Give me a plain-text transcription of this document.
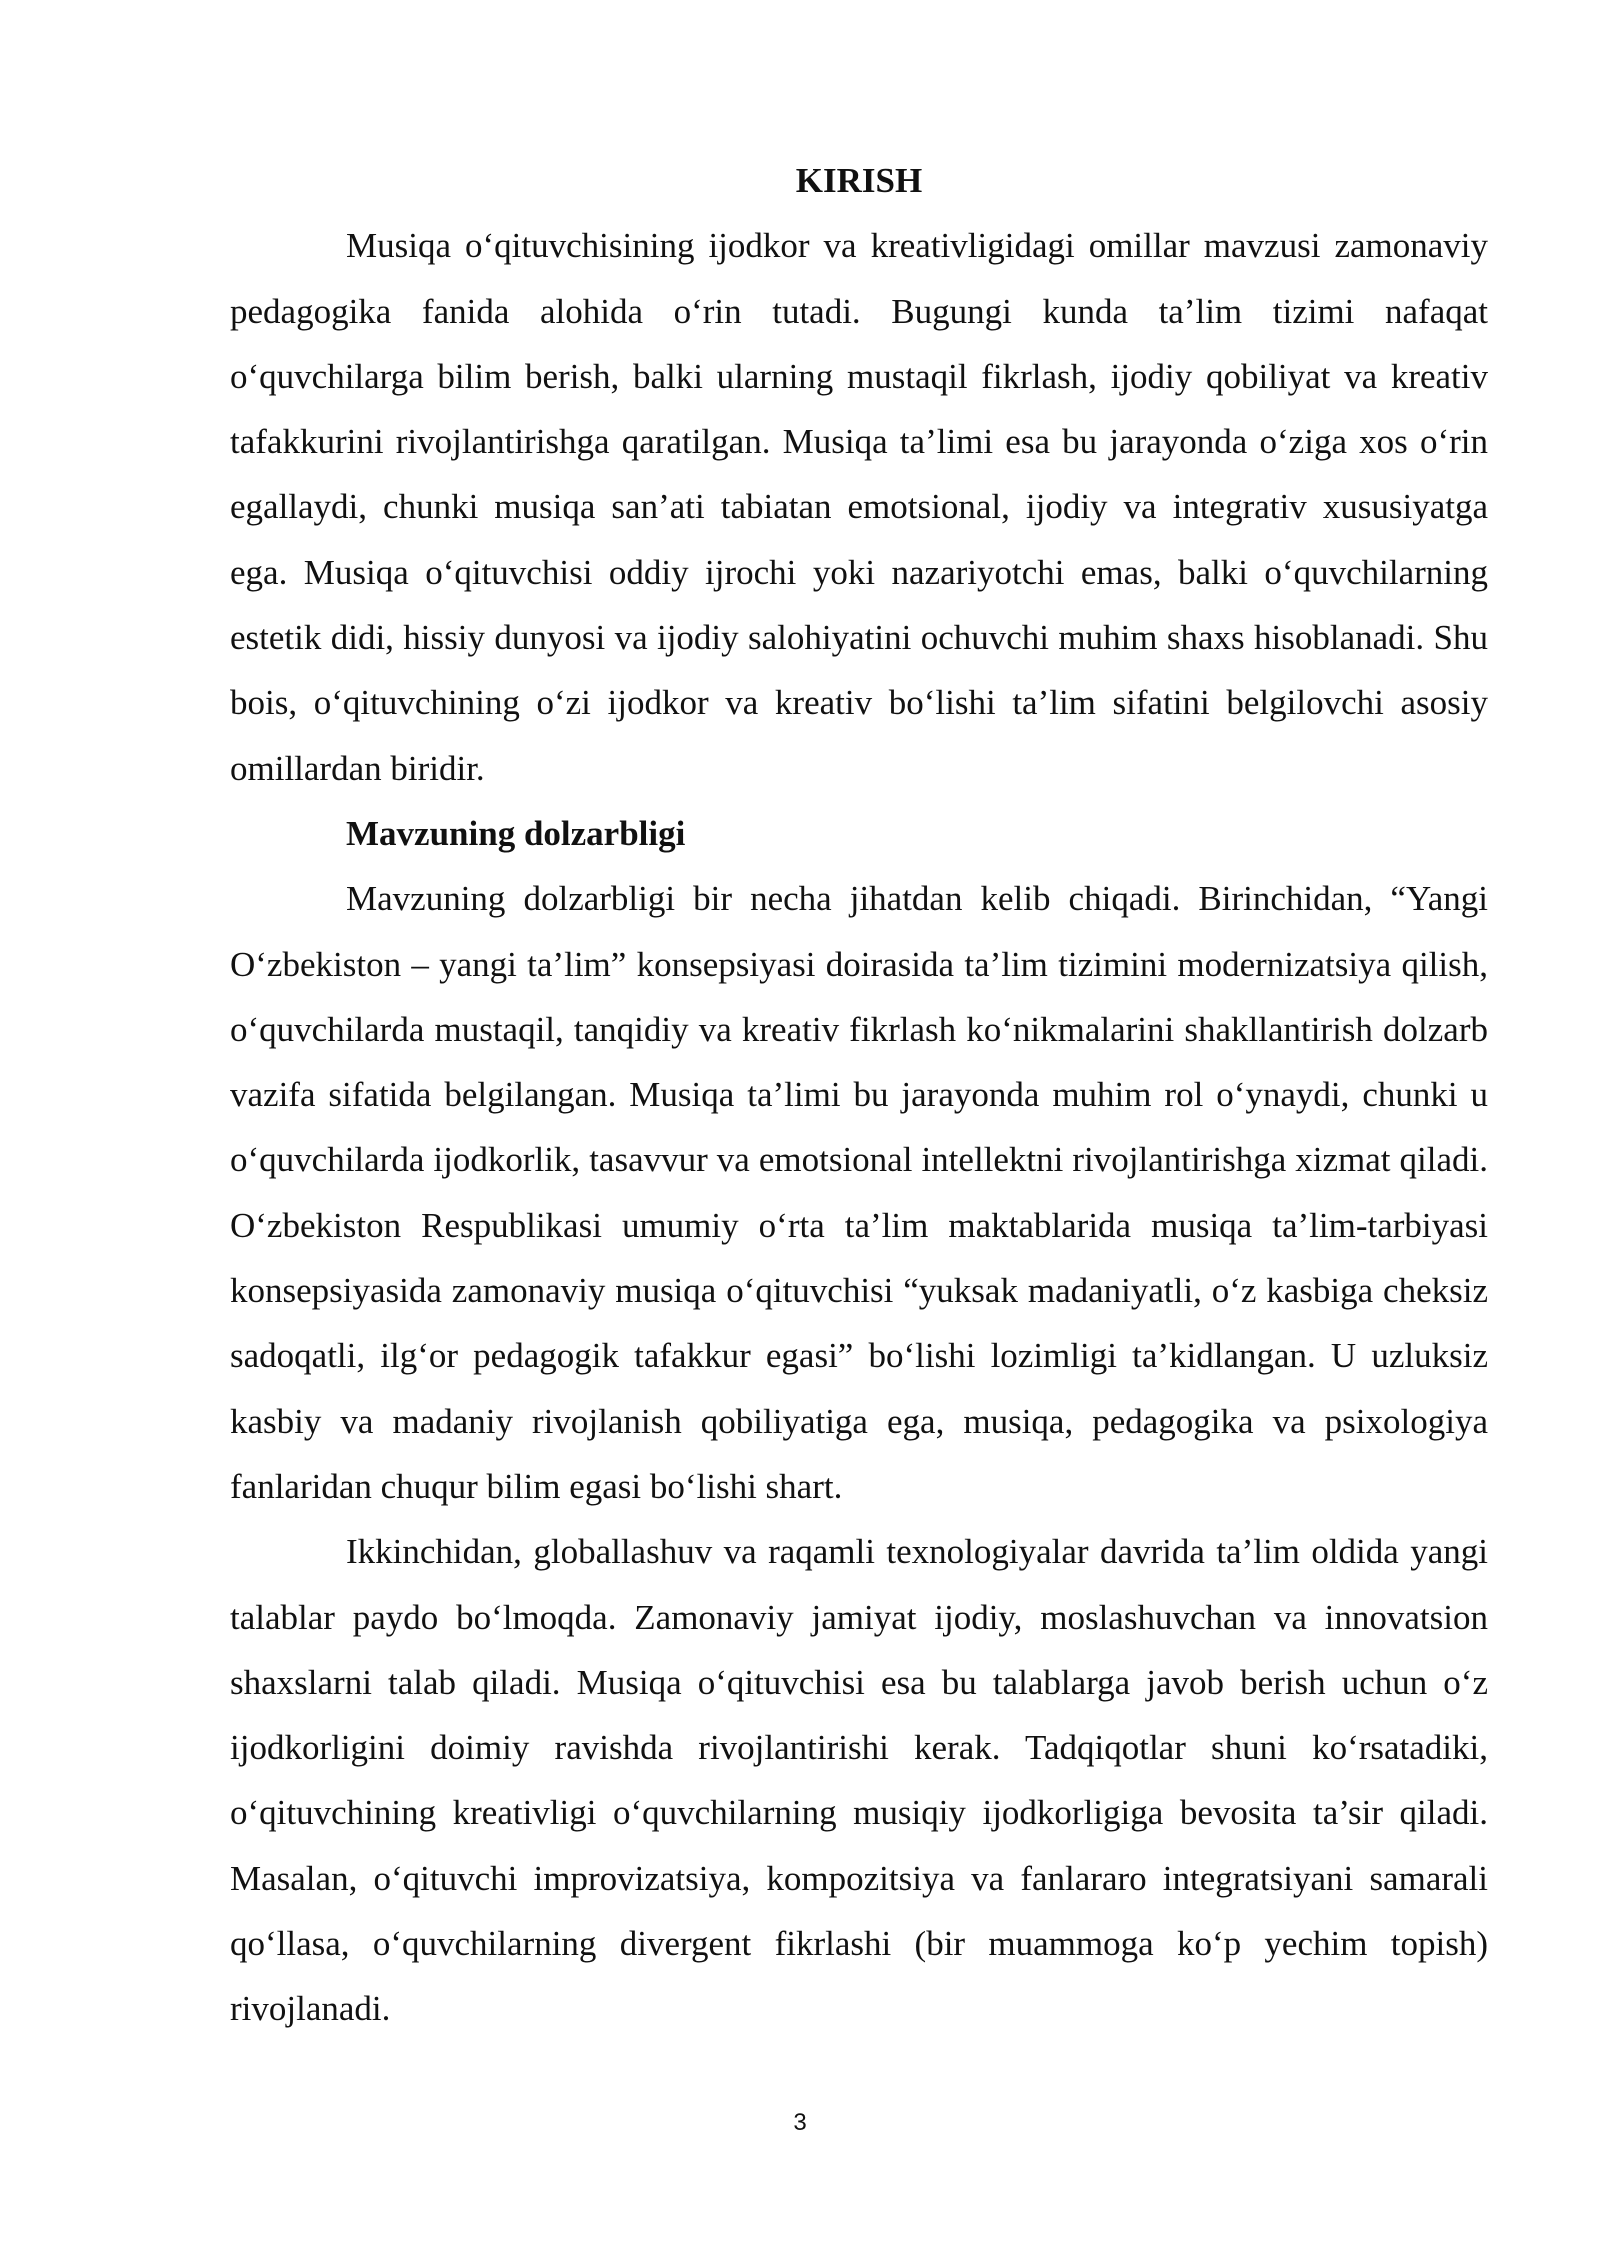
KIRISH

Musiqa o‘qituvchisining ijodkor va kreativligidagi omillar mavzusi zamonaviy pedagogika fanida alohida o‘rin tutadi. Bugungi kunda ta’lim tizimi nafaqat o‘quvchilarga bilim berish, balki ularning mustaqil fikrlash, ijodiy qobiliyat va kreativ tafakkurini rivojlantirishga qaratilgan. Musiqa ta’limi esa bu jarayonda o‘ziga xos o‘rin egallaydi, chunki musiqa san’ati tabiatan emotsional, ijodiy va integrativ xususiyatga ega. Musiqa o‘qituvchisi oddiy ijrochi yoki nazariyotchi emas, balki o‘quvchilarning estetik didi, hissiy dunyosi va ijodiy salohiyatini ochuvchi muhim shaxs hisoblanadi. Shu bois, o‘qituvchining o‘zi ijodkor va kreativ bo‘lishi ta’lim sifatini belgilovchi asosiy omillardan biridir.

Mavzuning dolzarbligi

Mavzuning dolzarbligi bir necha jihatdan kelib chiqadi. Birinchidan, “Yangi O‘zbekiston – yangi ta’lim” konsepsiyasi doirasida ta’lim tizimini modernizatsiya qilish, o‘quvchilarda mustaqil, tanqidiy va kreativ fikrlash ko‘nikmalarini shakllantirish dolzarb vazifa sifatida belgilangan. Musiqa ta’limi bu jarayonda muhim rol o‘ynaydi, chunki u o‘quvchilarda ijodkorlik, tasavvur va emotsional intellektni rivojlantirishga xizmat qiladi. O‘zbekiston Respublikasi umumiy o‘rta ta’lim maktablarida musiqa ta’lim-tarbiyasi konsepsiyasida zamonaviy musiqa o‘qituvchisi “yuksak madaniyatli, o‘z kasbiga cheksiz sadoqatli, ilg‘or pedagogik tafakkur egasi” bo‘lishi lozimligi ta’kidlangan. U uzluksiz kasbiy va madaniy rivojlanish qobiliyatiga ega, musiqa, pedagogika va psixologiya fanlaridan chuqur bilim egasi bo‘lishi shart.

Ikkinchidan, globallashuv va raqamli texnologiyalar davrida ta’lim oldida yangi talablar paydo bo‘lmoqda. Zamonaviy jamiyat ijodiy, moslashuvchan va innovatsion shaxslarni talab qiladi. Musiqa o‘qituvchisi esa bu talablarga javob berish uchun o‘z ijodkorligini doimiy ravishda rivojlantirishi kerak. Tadqiqotlar shuni ko‘rsatadiki, o‘qituvchining kreativligi o‘quvchilarning musiqiy ijodkorligiga bevosita ta’sir qiladi. Masalan, o‘qituvchi improvizatsiya, kompozitsiya va fanlararo integratsiyani samarali qo‘llasa, o‘quvchilarning divergent fikrlashi (bir muammoga ko‘p yechim topish) rivojlanadi.

3
